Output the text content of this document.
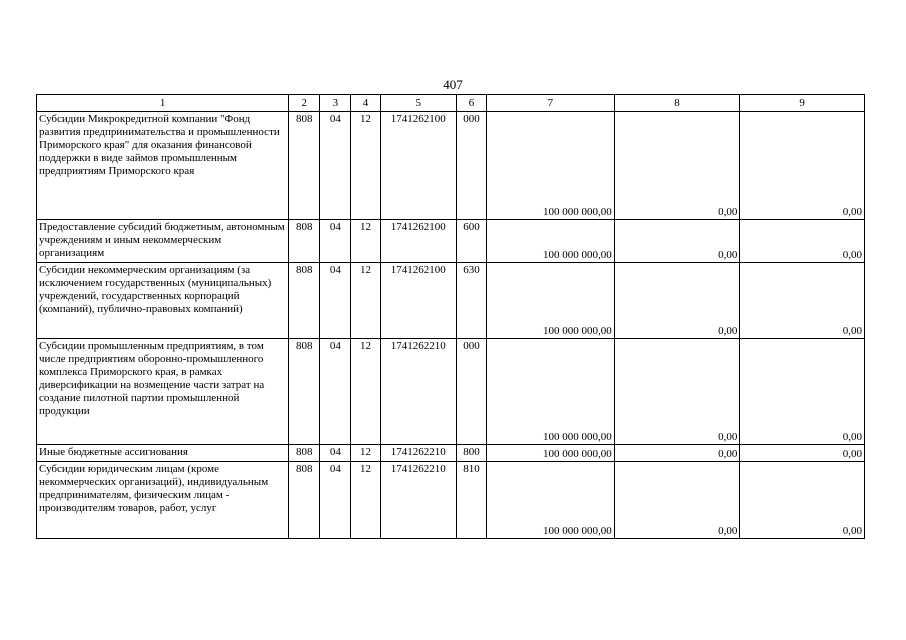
407
1	2	3	4	5	6	7	8	9
Субсидии Микрокредитной компании "Фонд развития предпринимательства и промышленности Приморского края" для оказания финансовой поддержки в виде займов промышленным предприятиям Приморского края	808	04	12	1741262100	000	100 000 000,00	0,00	0,00
Предоставление субсидий бюджетным, автономным учреждениям и иным некоммерческим организациям	808	04	12	1741262100	600	100 000 000,00	0,00	0,00
Субсидии некоммерческим организациям (за исключением государственных (муниципальных) учреждений, государственных корпораций (компаний), публично-правовых компаний)	808	04	12	1741262100	630	100 000 000,00	0,00	0,00
Субсидии промышленным предприятиям, в том числе предприятиям оборонно-промышленного комплекса Приморского края, в рамках диверсификации на возмещение части затрат на создание пилотной партии промышленной продукции	808	04	12	1741262210	000	100 000 000,00	0,00	0,00
Иные бюджетные ассигнования	808	04	12	1741262210	800	100 000 000,00	0,00	0,00
Субсидии юридическим лицам (кроме некоммерческих организаций), индивидуальным предпринимателям, физическим лицам - производителям товаров, работ, услуг	808	04	12	1741262210	810	100 000 000,00	0,00	0,00
